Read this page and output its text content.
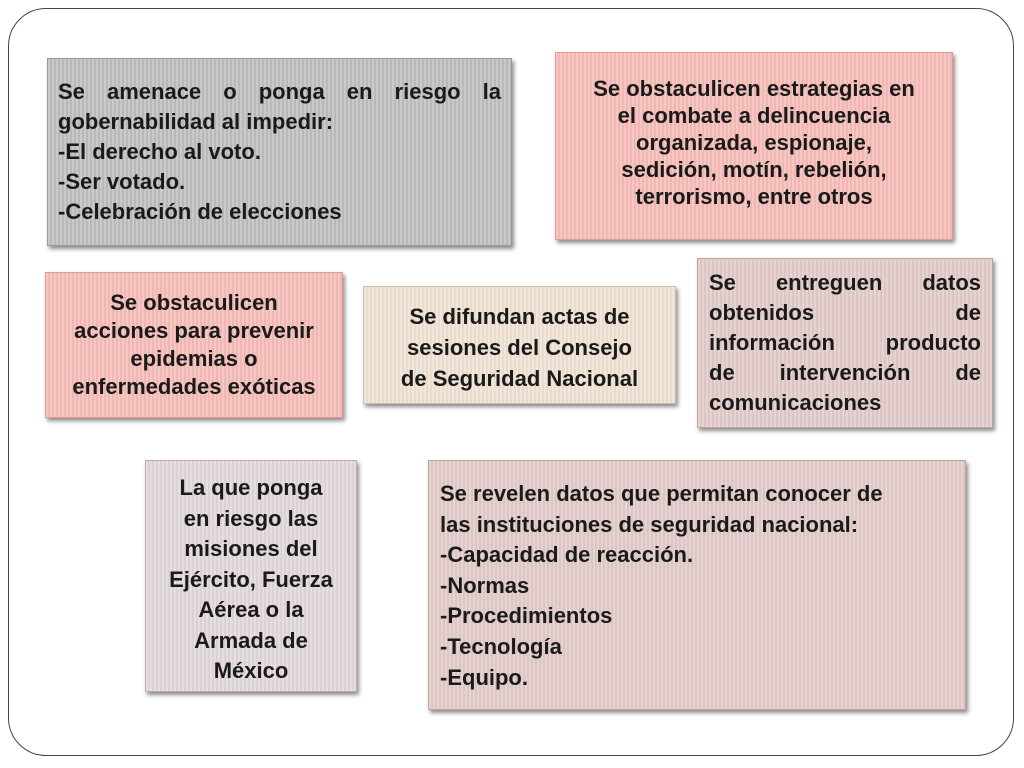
Se amenace o ponga en riesgo la
gobernabilidad al impedir:
-El derecho al voto.
-Ser votado.
-Celebración de elecciones
Se obstaculicen estrategias en
el combate a delincuencia
organizada, espionaje,
sedición, motín, rebelión,
terrorismo, entre otros
Se obstaculicen
acciones para prevenir
epidemias o
enfermedades exóticas
Se difundan actas de
sesiones del Consejo
de Seguridad Nacional
Se entreguen datos
obtenidos de
información producto
de intervención de
comunicaciones
La que ponga
en riesgo las
misiones del
Ejército, Fuerza
Aérea o la
Armada de
México
Se revelen datos que permitan conocer de
las instituciones de seguridad nacional:
-Capacidad de reacción.
-Normas
-Procedimientos
-Tecnología
-Equipo.
